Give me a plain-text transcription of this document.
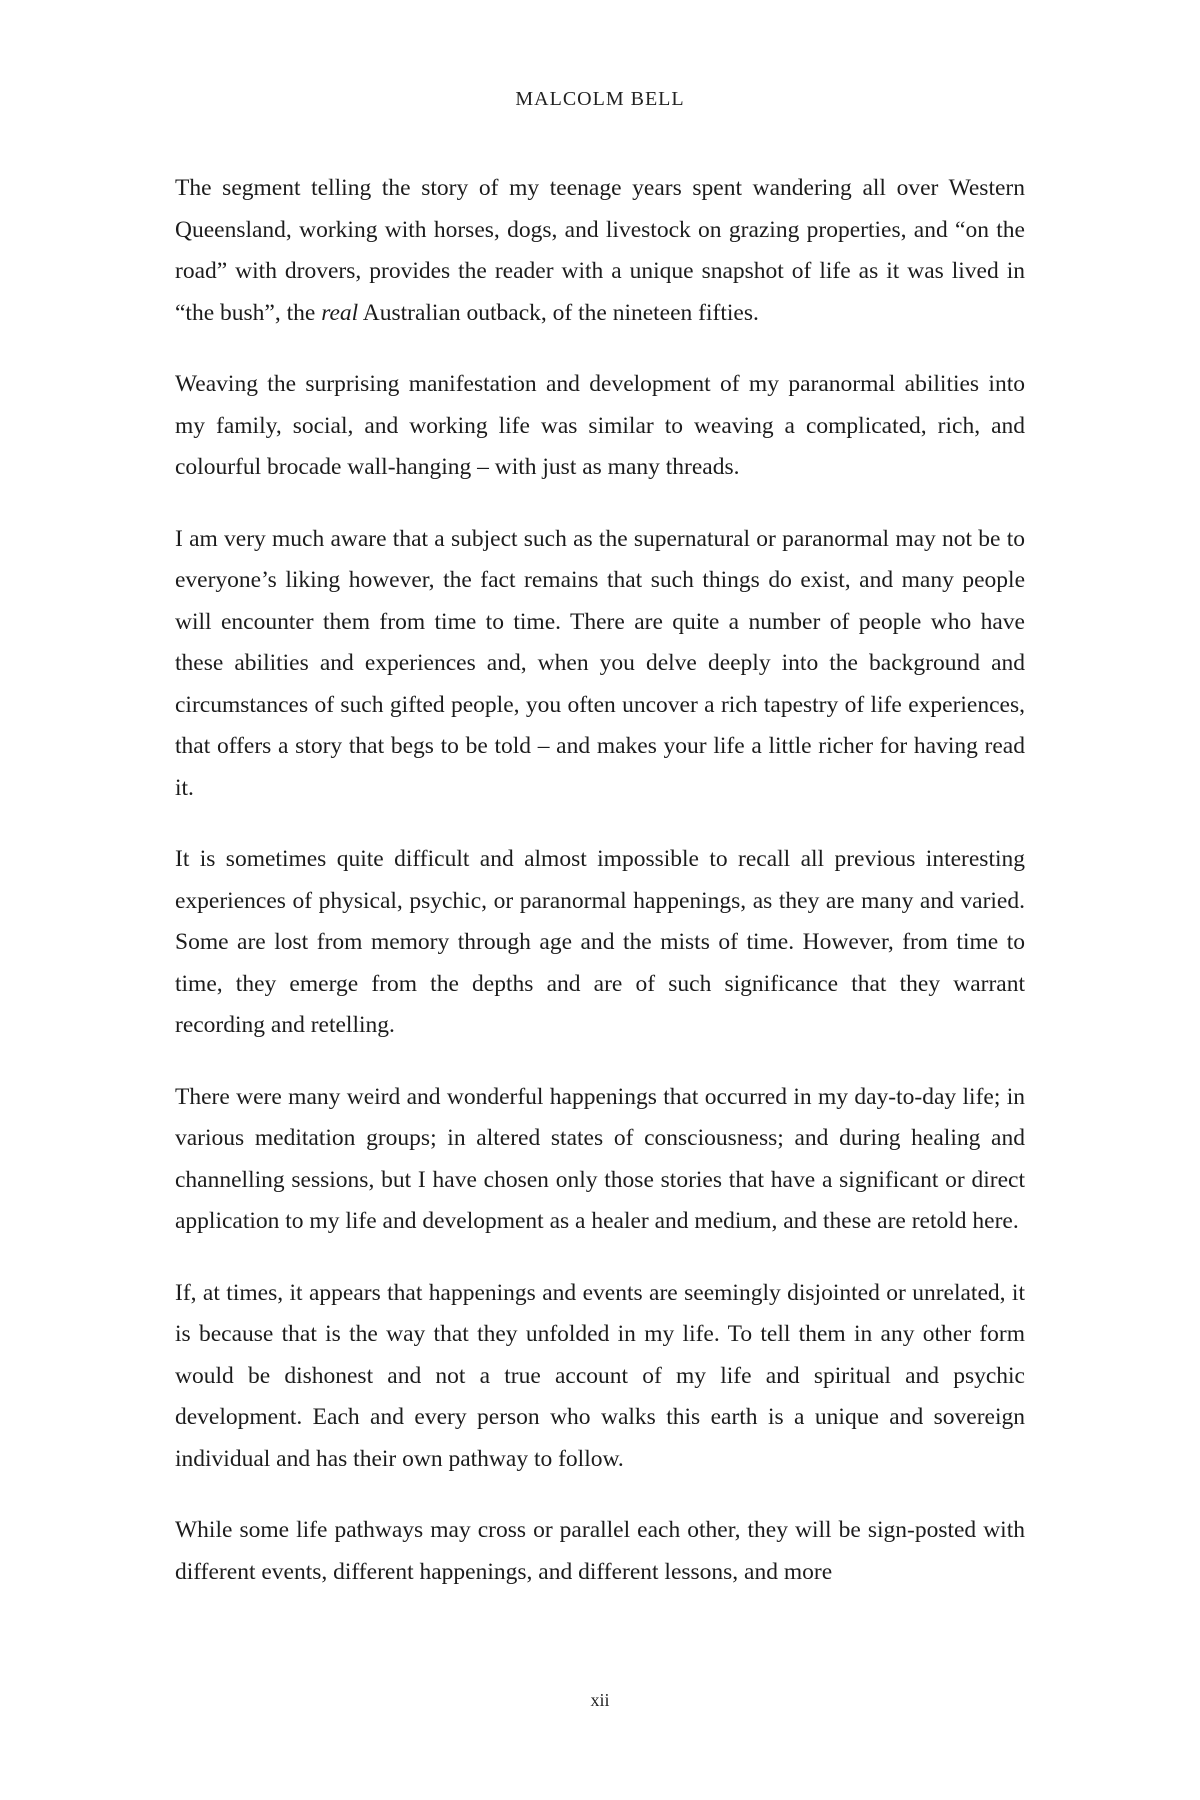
MALCOLM BELL

The segment telling the story of my teenage years spent wandering all over Western Queensland, working with horses, dogs, and livestock on grazing properties, and “on the road” with drovers, provides the reader with a unique snapshot of life as it was lived in “the bush”, the real Australian outback, of the nineteen fifties.

Weaving the surprising manifestation and development of my paranormal abilities into my family, social, and working life was similar to weaving a complicated, rich, and colourful brocade wall-hanging – with just as many threads.

I am very much aware that a subject such as the supernatural or paranormal may not be to everyone’s liking however, the fact remains that such things do exist, and many people will encounter them from time to time. There are quite a number of people who have these abilities and experiences and, when you delve deeply into the background and circumstances of such gifted people, you often uncover a rich tapestry of life experiences, that offers a story that begs to be told – and makes your life a little richer for having read it.

It is sometimes quite difficult and almost impossible to recall all previous interesting experiences of physical, psychic, or paranormal happenings, as they are many and varied. Some are lost from memory through age and the mists of time. However, from time to time, they emerge from the depths and are of such significance that they warrant recording and retelling.

There were many weird and wonderful happenings that occurred in my day-to-day life; in various meditation groups; in altered states of consciousness; and during healing and channelling sessions, but I have chosen only those stories that have a significant or direct application to my life and development as a healer and medium, and these are retold here.

If, at times, it appears that happenings and events are seemingly disjointed or unrelated, it is because that is the way that they unfolded in my life. To tell them in any other form would be dishonest and not a true account of my life and spiritual and psychic development. Each and every person who walks this earth is a unique and sovereign individual and has their own pathway to follow.

While some life pathways may cross or parallel each other, they will be sign-posted with different events, different happenings, and different lessons, and more

xii
